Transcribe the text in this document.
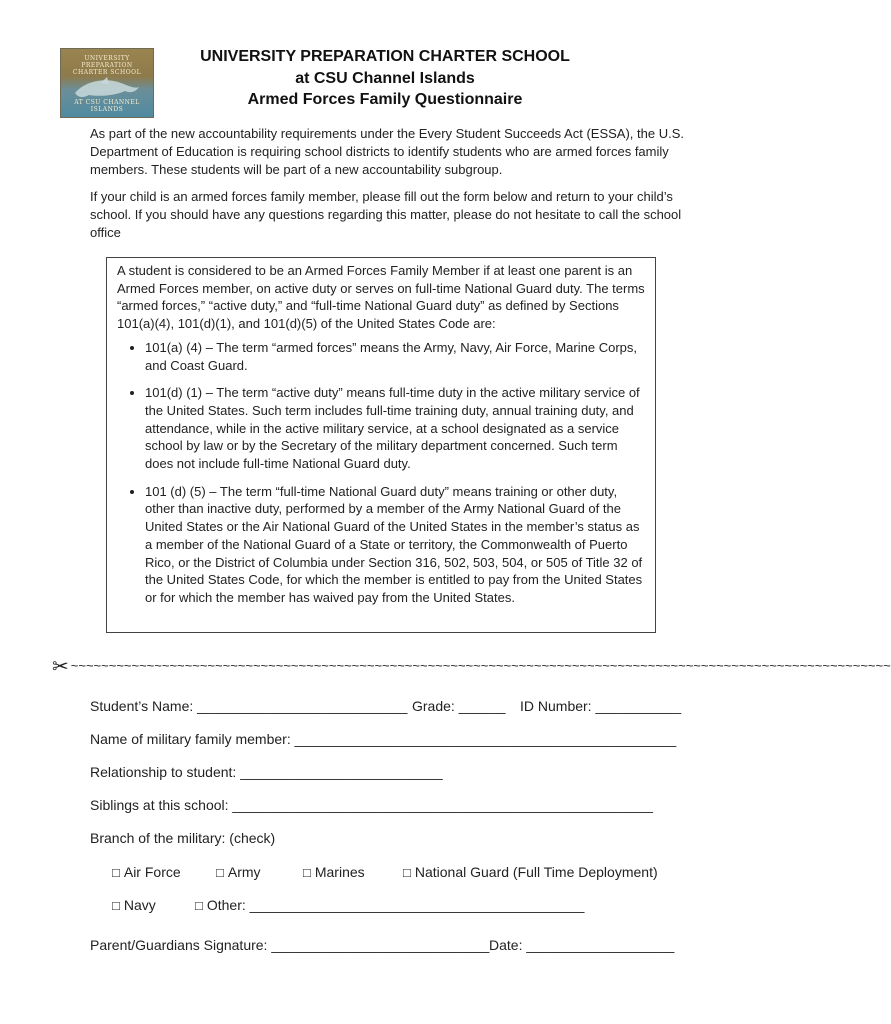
UNIVERSITY PREPARATION
CHARTER SCHOOL
AT CSU CHANNEL ISLANDS
UNIVERSITY PREPARATION CHARTER SCHOOL
at CSU Channel Islands
Armed Forces Family Questionnaire
As part of the new accountability requirements under the Every Student Succeeds Act (ESSA), the U.S. Department of Education is requiring school districts to identify students who are armed forces family members. These students will be part of a new accountability subgroup.
If your child is an armed forces family member, please fill out the form below and return to your child’s school. If you should have any questions regarding this matter, please do not hesitate to call the school office

A student is considered to be an Armed Forces Family Member if at least one parent is an Armed Forces member, on active duty or serves on full-time National Guard duty. The terms “armed forces,” “active duty,” and “full-time National Guard duty” as defined by Sections 101(a)(4), 101(d)(1), and 101(d)(5) of the United States Code are:

• 101(a) (4) – The term “armed forces” means the Army, Navy, Air Force, Marine Corps, and Coast Guard.
• 101(d) (1) – The term “active duty” means full-time duty in the active military service of the United States. Such term includes full-time training duty, annual training duty, and attendance, while in the active military service, at a school designated as a service school by law or by the Secretary of the military department concerned. Such term does not include full-time National Guard duty.
• 101 (d) (5) – The term “full-time National Guard duty” means training or other duty, other than inactive duty, performed by a member of the Army National Guard of the United States or the Air National Guard of the United States in the member’s status as a member of the National Guard of a State or territory, the Commonwealth of Puerto Rico, or the District of Columbia under Section 316, 502, 503, 504, or 505 of Title 32 of the United States Code, for which the member is entitled to pay from the United States or for which the member has waived pay from the United States.
✂ ~~~~~~~~~~~~~~~~~~~~~~~~~~~~~~~~~~~~~~~~~~~~~~~~~~~~~~~~~~~~~~~~~~~~~~~~~~~~~~~~~~~~~~~~~~~~~~~~~~~~~~~~~~~~
Student’s Name: ___________________________ Grade: ______ ID Number: ___________
Name of military family member: _________________________________________________
Relationship to student: __________________________
Siblings at this school: ______________________________________________________
Branch of the military: (check)
□ Air Force	□ Army	□ Marines	□ National Guard (Full Time Deployment)
□ Navy	□ Other: ___________________________________________
Parent/Guardians Signature: ____________________________ Date: ___________________
